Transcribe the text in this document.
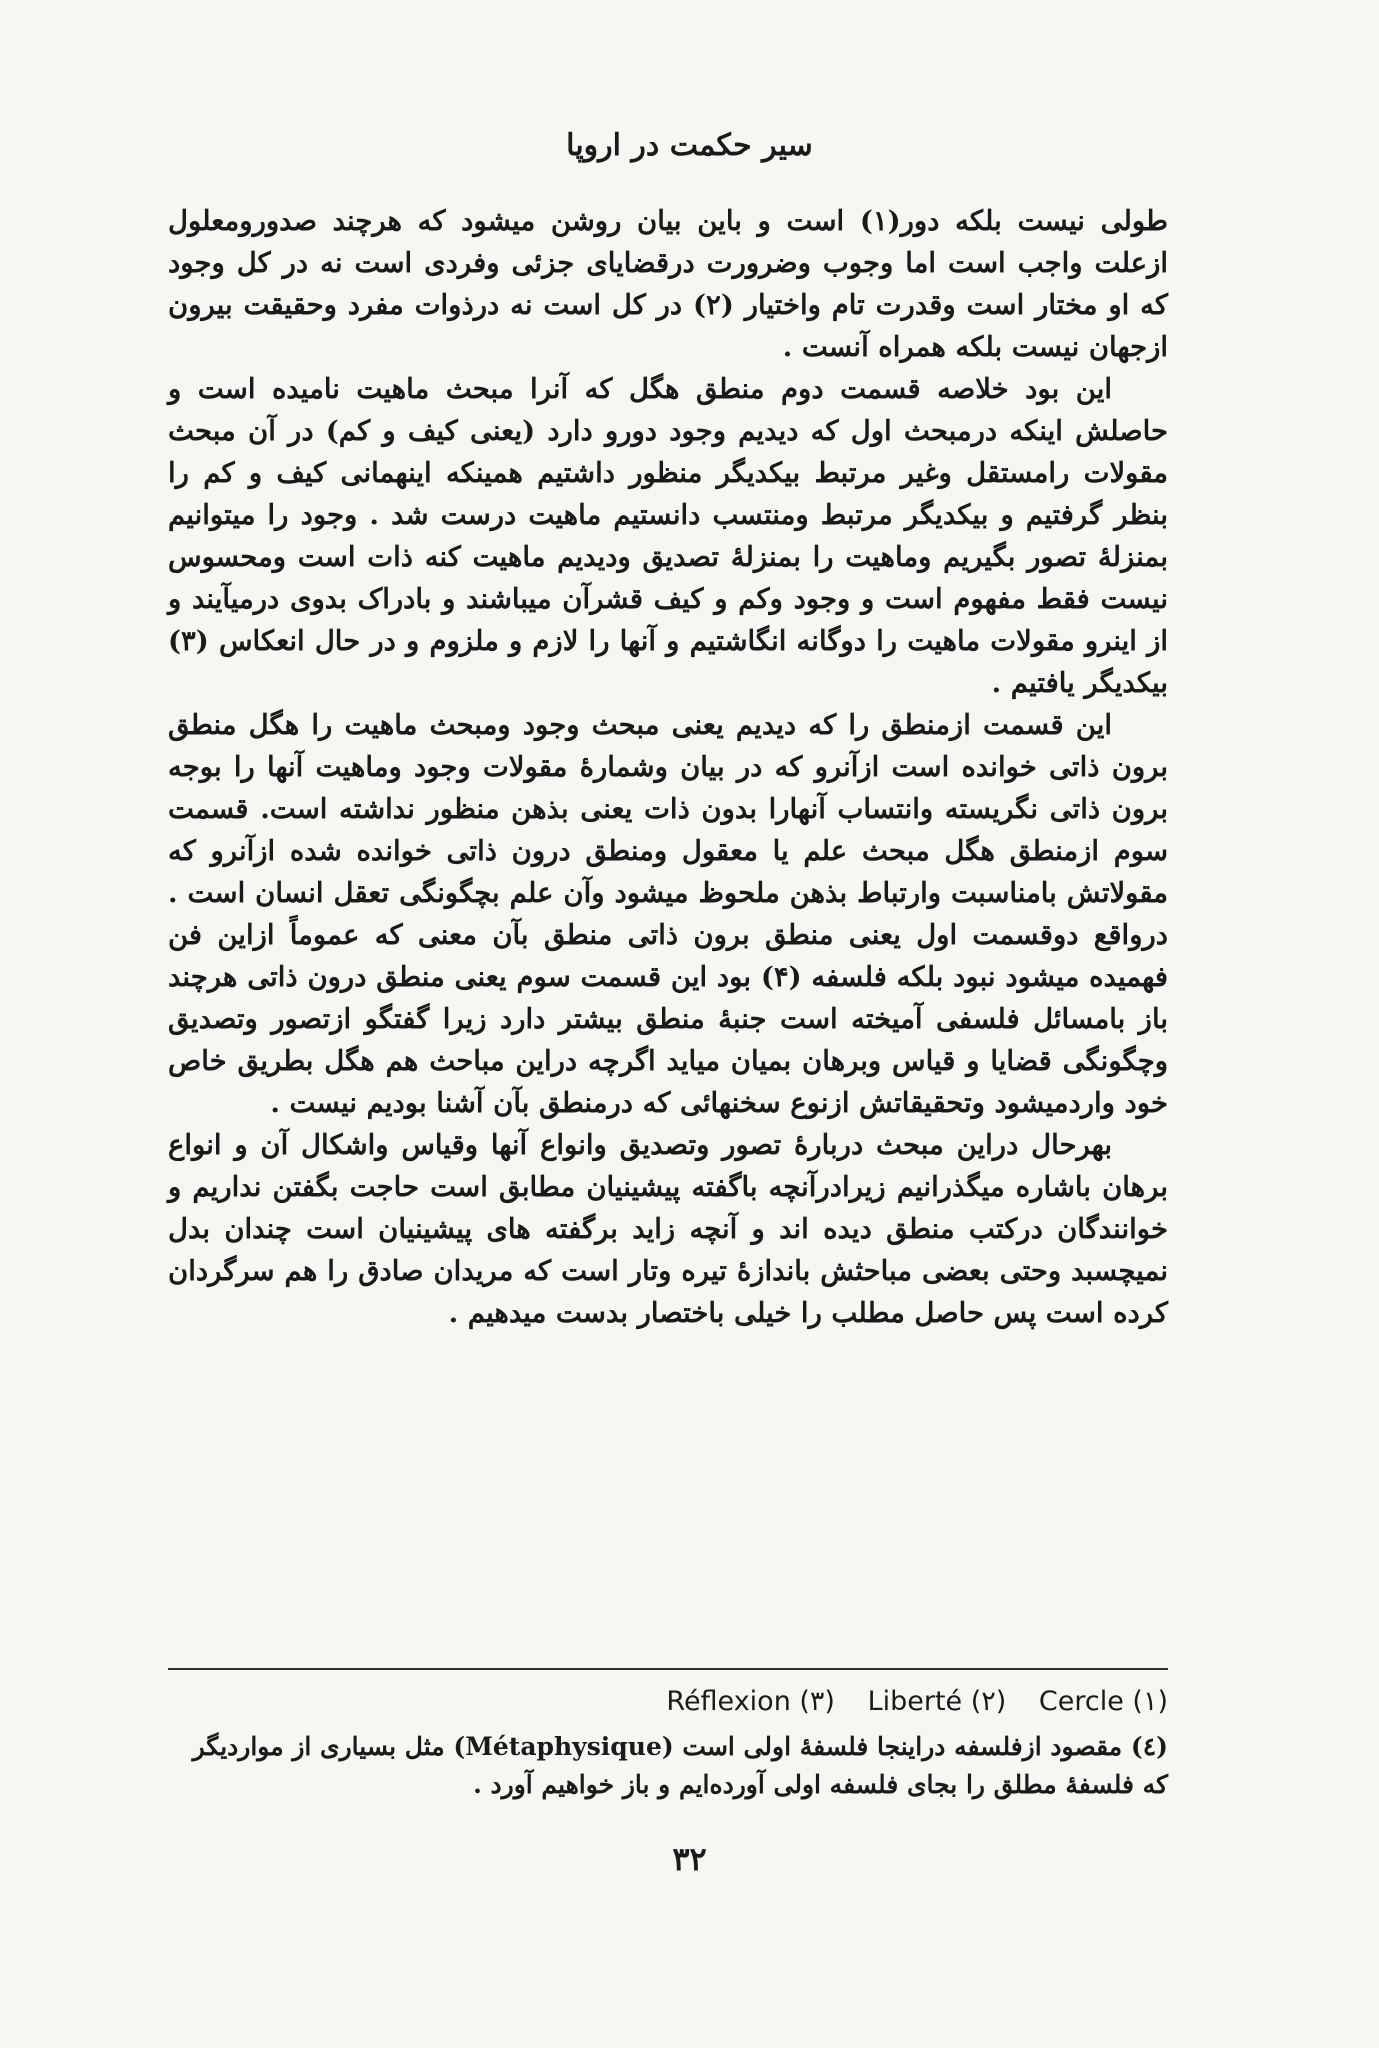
سیر حکمت در اروپا

طولی نیست بلکه دور(۱) است و باین بیان روشن میشود که هرچند صدورومعلول ازعلت واجب است اما وجوب وضرورت درقضایای جزئی وفردی است نه در کل وجود که او مختار است وقدرت تام واختیار (۲) در کل است نه درذوات مفرد وحقیقت بیرون ازجهان نیست بلکه همراه آنست .

این بود خلاصه قسمت دوم منطق هگل که آنرا مبحث ماهیت نامیده است و حاصلش اینکه درمبحث اول که دیدیم وجود دورو دارد (یعنی کیف و کم) در آن مبحث مقولات رامستقل وغیر مرتبط بیکدیگر منظور داشتیم همینکه اینهمانی کیف و کم را بنظر گرفتیم و بیکدیگر مرتبط ومنتسب دانستیم ماهیت درست شد . وجود را میتوانیم بمنزلهٔ تصور بگیریم وماهیت را بمنزلهٔ تصدیق ودیدیم ماهیت کنه ذات است ومحسوس نیست فقط مفهوم است و وجود وکم و کیف قشرآن میباشند و بادراک بدوی درمیآیند و از اینرو مقولات ماهیت را دوگانه انگاشتیم و آنها را لازم و ملزوم و در حال انعکاس (۳) بیکدیگر یافتیم .

این قسمت ازمنطق را که دیدیم یعنی مبحث وجود ومبحث ماهیت را هگل منطق برون ذاتی خوانده است ازآنرو که در بیان وشمارهٔ مقولات وجود وماهیت آنها را بوجه برون ذاتی نگریسته وانتساب آنهارا بدون ذات یعنی بذهن منظور نداشته است. قسمت سوم ازمنطق هگل مبحث علم یا معقول ومنطق درون ذاتی خوانده شده ازآنرو که مقولاتش بامناسبت وارتباط بذهن ملحوظ میشود وآن علم بچگونگی تعقل انسان است . درواقع دوقسمت اول یعنی منطق برون ذاتی منطق بآن معنی که عموماً ازاین فن فهمیده میشود نبود بلکه فلسفه (۴) بود این قسمت سوم یعنی منطق درون ذاتی هرچند باز بامسائل فلسفی آمیخته است جنبهٔ منطق بیشتر دارد زیرا گفتگو ازتصور وتصدیق وچگونگی قضایا و قیاس وبرهان بمیان میاید اگرچه دراین مباحث هم هگل بطریق خاص خود واردمیشود وتحقیقاتش ازنوع سخنهائی که درمنطق بآن آشنا بودیم نیست .

بهرحال دراین مبحث دربارهٔ تصور وتصدیق وانواع آنها وقیاس واشکال آن و انواع برهان باشاره میگذرانیم زیرادرآنچه باگفته پیشینیان مطابق است حاجت بگفتن نداریم و خوانندگان درکتب منطق دیده اند و آنچه زاید برگفته های پیشینیان است چندان بدل نمیچسبد وحتی بعضی مباحثش باندازهٔ تیره وتار است که مریدان صادق را هم سرگردان کرده است پس حاصل مطلب را خیلی باختصار بدست میدهیم .

Réflexion (۳) Liberté (۲) Cercle (۱)
(٤) مقصود ازفلسفه دراینجا فلسفهٔ اولی است (Métaphysique) مثل بسیاری از مواردیگر
که فلسفهٔ مطلق را بجای فلسفه اولی آورده‌ایم و باز خواهیم آورد .
۳۲
